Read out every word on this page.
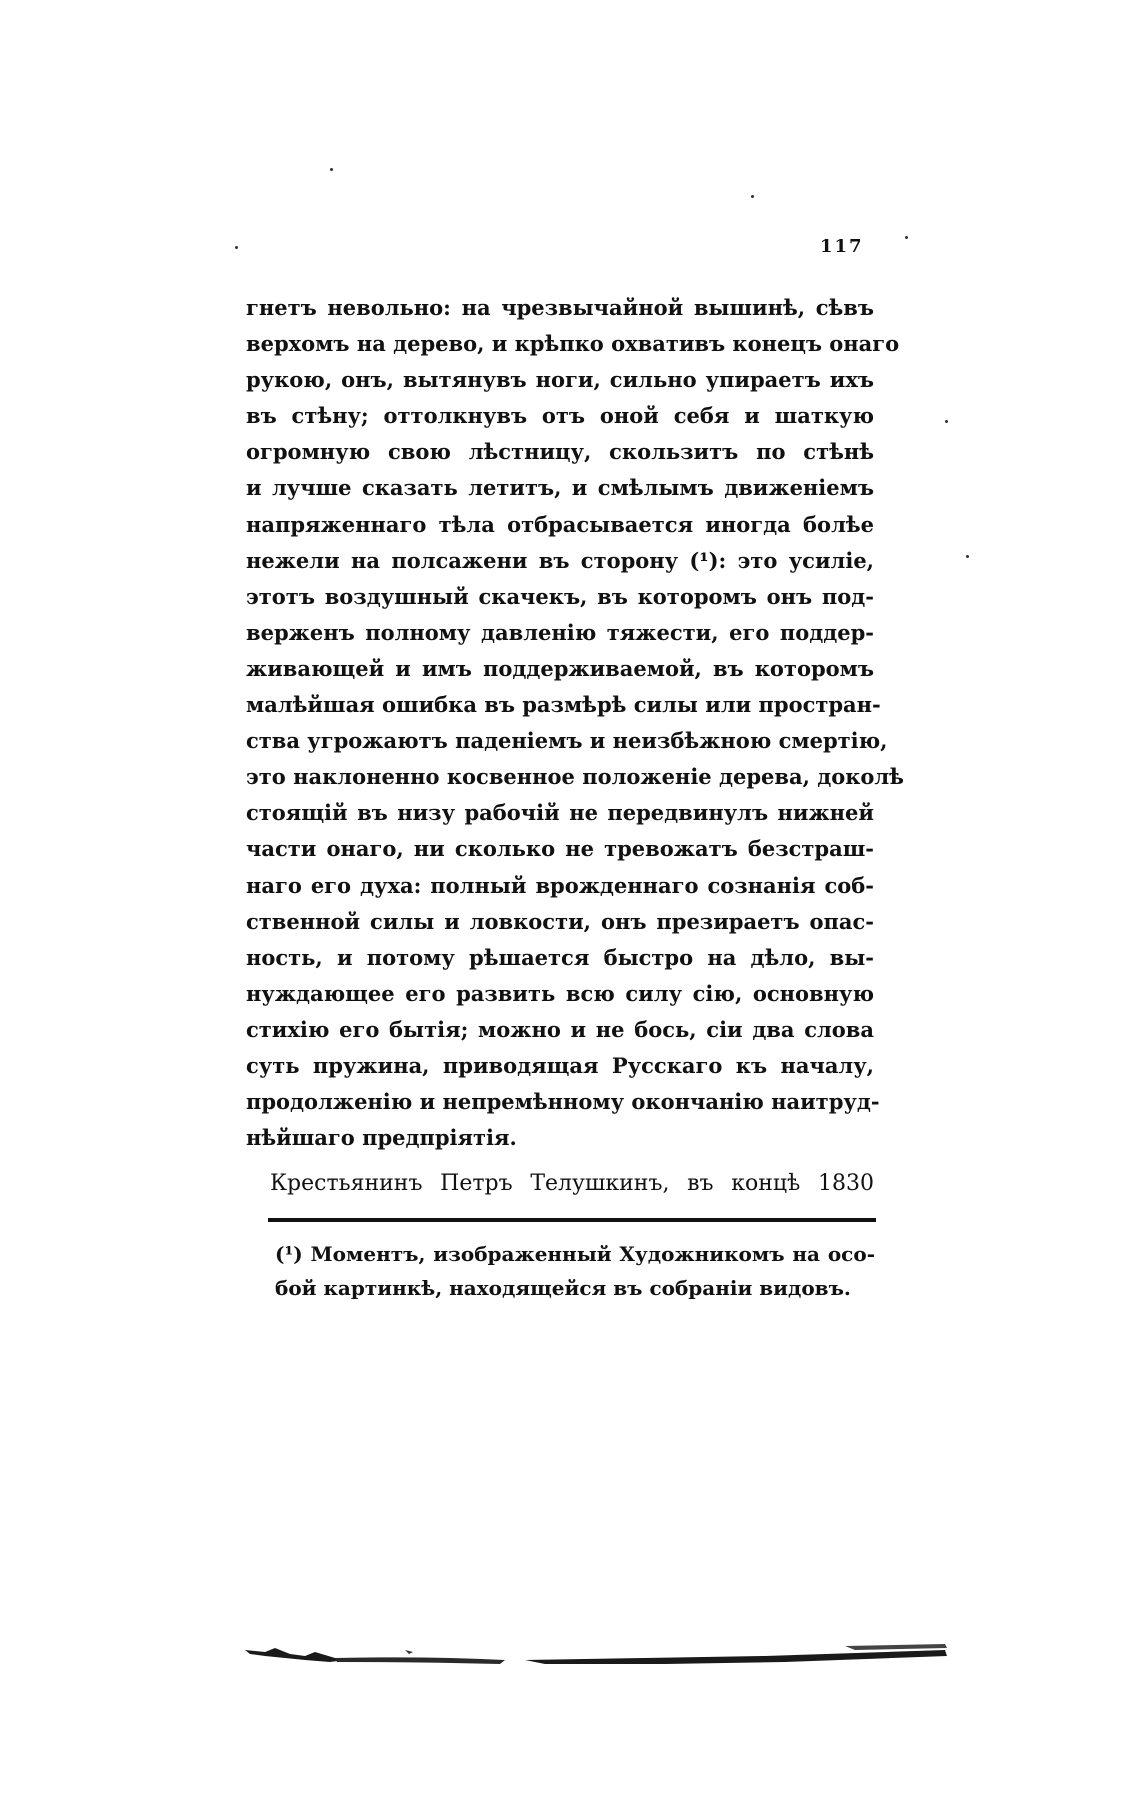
117
гнетъ невольно: на чрезвычайной вышинѣ, сѣвъ
верхомъ на дерево, и крѣпко охвативъ конецъ онаго
рукою, онъ, вытянувъ ноги, сильно упираетъ ихъ
въ стѣну; оттолкнувъ отъ оной себя и шаткую
огромную свою лѣстницу, скользитъ по стѣнѣ
и лучше сказать летитъ, и смѣлымъ движеніемъ
напряженнаго тѣла отбрасывается иногда болѣе
нежели на полсажени въ сторону (¹): это усиліе,
этотъ воздушный скачекъ, въ которомъ онъ под-
верженъ полному давленію тяжести, его поддер-
живающей и имъ поддерживаемой, въ которомъ
малѣйшая ошибка въ размѣрѣ силы или простран-
ства угрожаютъ паденіемъ и неизбѣжною смертію,
это наклоненно косвенное положеніе дерева, доколѣ
стоящій въ низу рабочій не передвинулъ нижней
части онаго, ни сколько не тревожатъ безстраш-
наго его духа: полный врожденнаго сознанія соб-
ственной силы и ловкости, онъ презираетъ опас-
ность, и потому рѣшается быстро на дѣло, вы-
нуждающее его развить всю силу сію, основную
стихію его бытія; можно и не бось, сіи два слова
суть пружина, приводящая Русскаго къ началу,
продолженію и непремѣнному окончанію наитруд-
нѣйшаго предпріятія.
Крестьянинъ Петръ Телушкинъ, въ концѣ 1830
(¹) Моментъ, изображенный Художникомъ на осо-
бой картинкѣ, находящейся въ собраніи видовъ.
